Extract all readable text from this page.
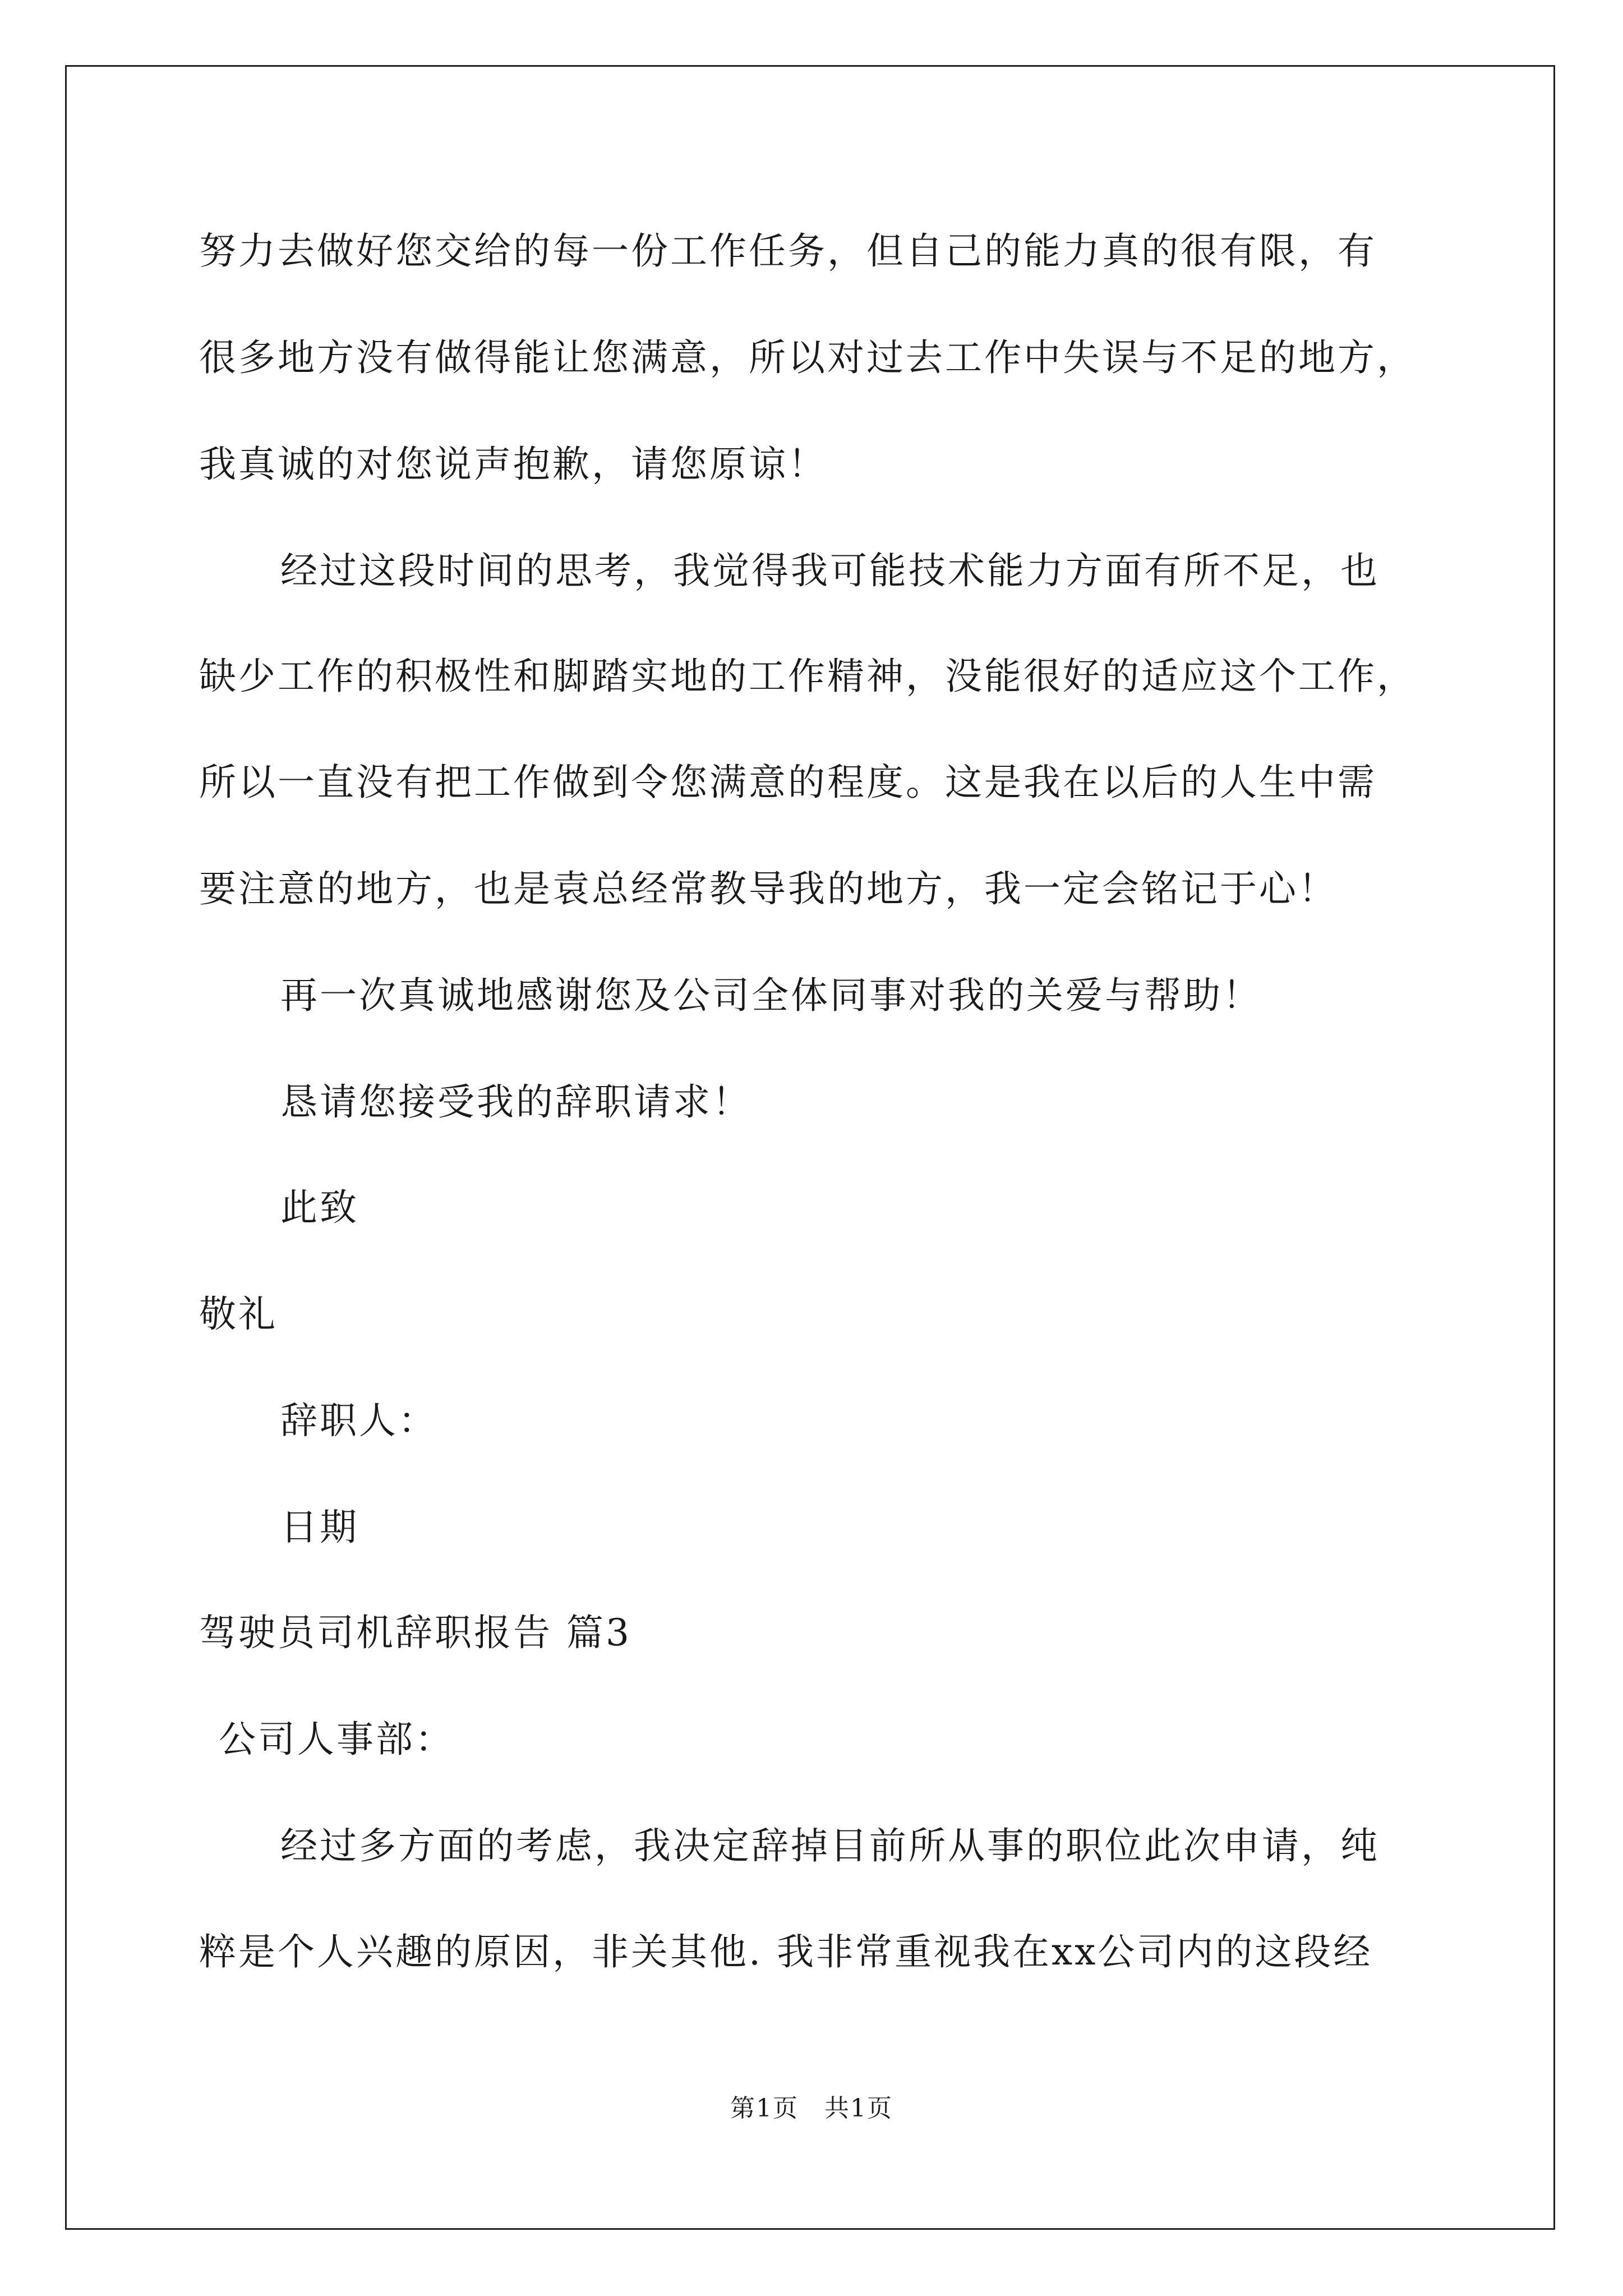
努力去做好您交给的每一份工作任务，但自己的能力真的很有限，有
很多地方没有做得能让您满意，所以对过去工作中失误与不足的地方，
我真诚的对您说声抱歉，请您原谅！
经过这段时间的思考，我觉得我可能技术能力方面有所不足，也
缺少工作的积极性和脚踏实地的工作精神，没能很好的适应这个工作，
所以一直没有把工作做到令您满意的程度。这是我在以后的人生中需
要注意的地方，也是袁总经常教导我的地方，我一定会铭记于心！
再一次真诚地感谢您及公司全体同事对我的关爱与帮助！
恳请您接受我的辞职请求！
此致
敬礼
辞职人：
日期
驾驶员司机辞职报告 篇3
公司人事部：
经过多方面的考虑，我决定辞掉目前所从事的职位此次申请，纯
粹是个人兴趣的原因，非关其他. 我非常重视我在xx公司内的这段经
第1页　共1页
